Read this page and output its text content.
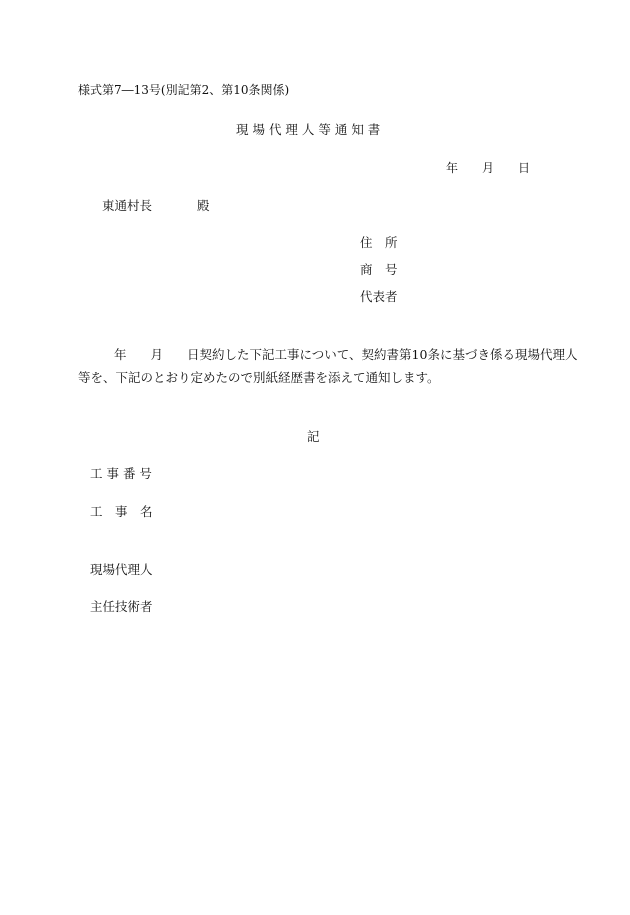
様式第7―13号(別記第2、第10条関係)
現 場 代 理 人 等 通 知 書
年 月 日
東通村長	殿
住　所
商　号
代表者
年 月 日契約した下記工事について、契約書第10条に基づき係る現場代理人
等を、下記のとおり定めたので別紙経歴書を添えて通知します。
記
工 事 番 号
工　事　名
現場代理人
主任技術者
